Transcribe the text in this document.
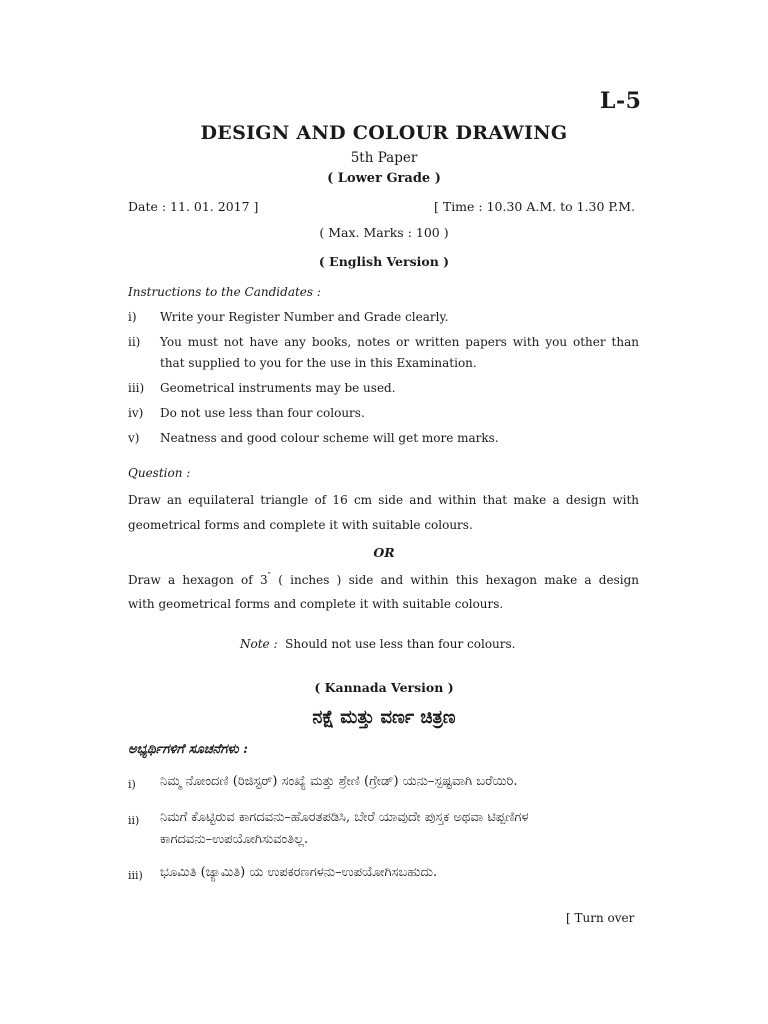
L-5
DESIGN AND COLOUR DRAWING
5th Paper
( Lower Grade )
Date : 11. 01. 2017 ]	[ Time : 10.30 A.M. to 1.30 P.M.
( Max. Marks : 100 )
( English Version )
Instructions to the Candidates :
i) Write your Register Number and Grade clearly.
ii) You must not have any books, notes or written papers with you other than
that supplied to you for the use in this Examination.
iii) Geometrical instruments may be used.
iv) Do not use less than four colours.
v) Neatness and good colour scheme will get more marks.
Question :
Draw an equilateral triangle of 16 cm side and within that make a design with
geometrical forms and complete it with suitable colours.
OR
Draw a hexagon of 3″ ( inches ) side and within this hexagon make a design
with geometrical forms and complete it with suitable colours.
Note : Should not use less than four colours.
( Kannada Version )
ನಕ್ಷೆ ಮತ್ತು ವರ್ಣ ಚಿತ್ರಣ
ಅಭ್ಯರ್ಥಿಗಳಿಗೆ ಸೂಚನೆಗಳು :
i) ನಿಮ್ಮ ನೋಂದಣಿ (ರಿಜಿಸ್ಟರ್) ಸಂಖ್ಯೆ ಮತ್ತು ಶ್ರೇಣಿ (ಗ್ರೇಡ್) ಯನು–ಸ್ಪಷ್ಟವಾಗಿ ಬರೆಯಿರಿ.
ii) ನಿಮಗೆ ಕೊಟ್ಟಿರುವ ಕಾಗದವನು–ಹೊರತಪಡಿಸಿ, ಬೇರೆ ಯಾವುದೇ ಪುಸ್ತಕ ಅಥವಾ ಟಿಪ್ಪಣಿಗಳ
ಕಾಗದವನು–ಉಪಯೋಗಿಸುವಂತಿಲ್ಲ.
iii) ಭೂಮಿತಿ (ಜ್ಯಾಮಿತಿ) ಯ ಉಪಕರಣಗಳನು–ಉಪಯೋಗಿಸಬಹುದು.
[ Turn over
